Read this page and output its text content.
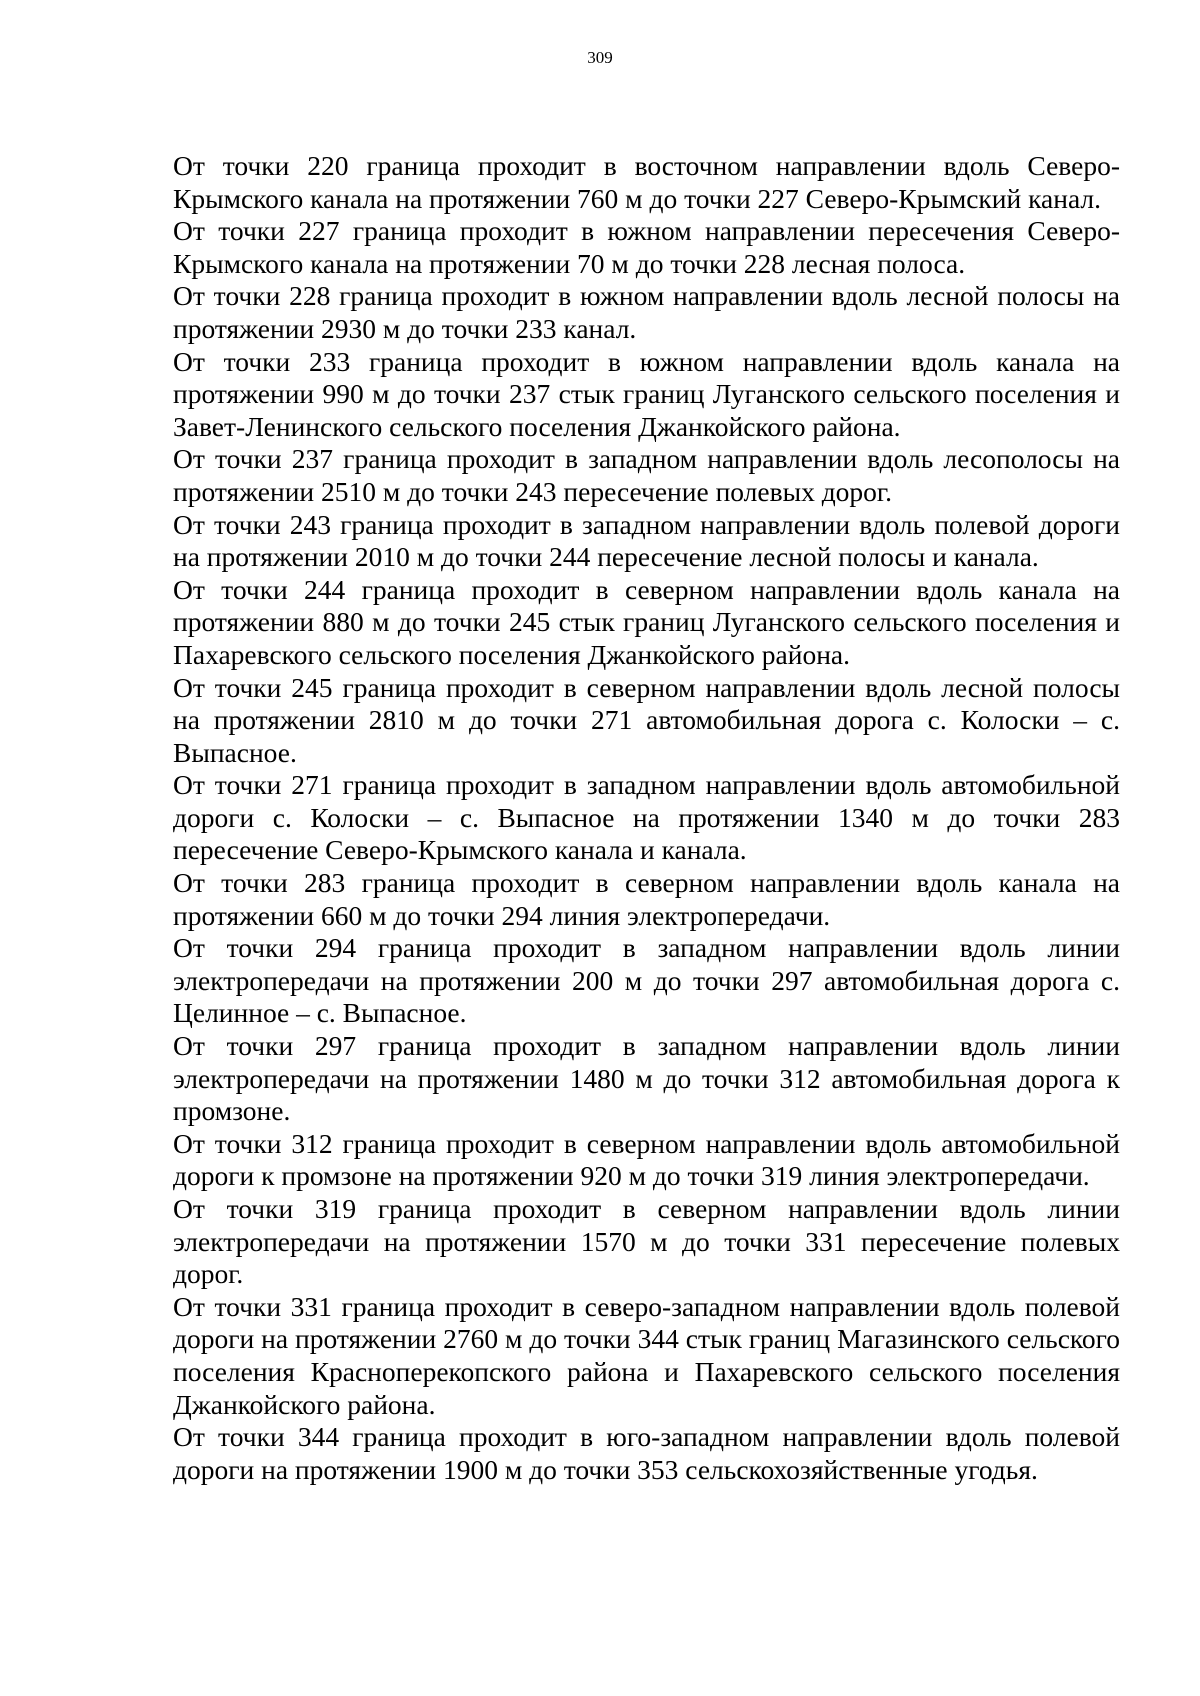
309

От точки 220 граница проходит в восточном направлении вдоль Северо-Крымского канала на протяжении 760 м до точки 227 Северо-Крымский канал.

От точки 227 граница проходит в южном направлении пересечения Северо-Крымского канала на протяжении 70 м до точки 228 лесная полоса.

От точки 228 граница проходит в южном направлении вдоль лесной полосы на протяжении 2930 м до точки 233 канал.

От точки 233 граница проходит в южном направлении вдоль канала на протяжении 990 м до точки 237 стык границ Луганского сельского поселения и Завет-Ленинского сельского поселения Джанкойского района.

От точки 237 граница проходит в западном направлении вдоль лесополосы на протяжении 2510 м до точки 243 пересечение полевых дорог.

От точки 243 граница проходит в западном направлении вдоль полевой дороги на протяжении 2010 м до точки 244 пересечение лесной полосы и канала.

От точки 244 граница проходит в северном направлении вдоль канала на протяжении 880 м до точки 245 стык границ Луганского сельского поселения и Пахаревского сельского поселения Джанкойского района.

От точки 245 граница проходит в северном направлении вдоль лесной полосы на протяжении 2810 м до точки 271 автомобильная дорога с. Колоски – с. Выпасное.

От точки 271 граница проходит в западном направлении вдоль автомобильной дороги с. Колоски – с. Выпасное на протяжении 1340 м до точки 283 пересечение Северо-Крымского канала и канала.

От точки 283 граница проходит в северном направлении вдоль канала на протяжении 660 м до точки 294 линия электропередачи.

От точки 294 граница проходит в западном направлении вдоль линии электропередачи на протяжении 200 м до точки 297 автомобильная дорога с. Целинное – с. Выпасное.

От точки 297 граница проходит в западном направлении вдоль линии электропередачи на протяжении 1480 м до точки 312 автомобильная дорога к промзоне.

От точки 312 граница проходит в северном направлении вдоль автомобильной дороги к промзоне на протяжении 920 м до точки 319 линия электропередачи.

От точки 319 граница проходит в северном направлении вдоль линии электропередачи на протяжении 1570 м до точки 331 пересечение полевых дорог.

От точки 331 граница проходит в северо-западном направлении вдоль полевой дороги на протяжении 2760 м до точки 344 стык границ Магазинского сельского поселения Красноперекопского района и Пахаревского сельского поселения Джанкойского района.

От точки 344 граница проходит в юго-западном направлении вдоль полевой дороги на протяжении 1900 м до точки 353 сельскохозяйственные угодья.
